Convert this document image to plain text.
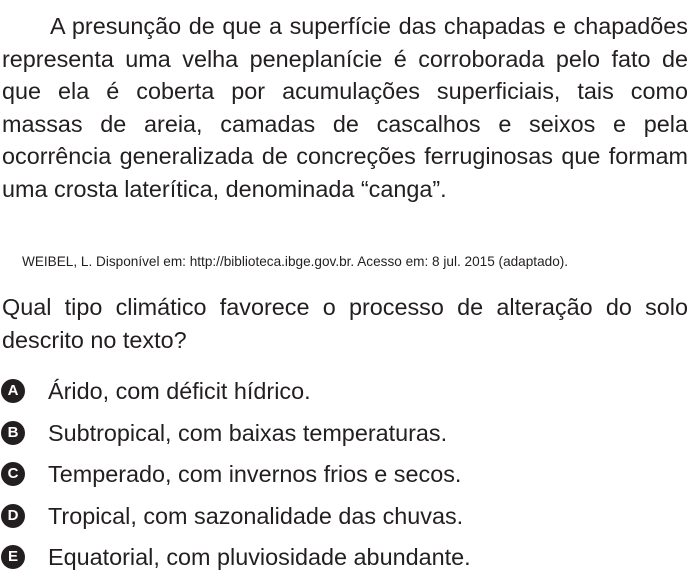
A presunção de que a superfície das chapadas e chapadões representa uma velha peneplanície é corroborada pelo fato de que ela é coberta por acumulações superficiais, tais como massas de areia, camadas de cascalhos e seixos e pela ocorrência generalizada de concreções ferruginosas que formam uma crosta laterítica, denominada “canga”.

WEIBEL, L. Disponível em: http://biblioteca.ibge.gov.br. Acesso em: 8 jul. 2015 (adaptado).

Qual tipo climático favorece o processo de alteração do solo descrito no texto?

A Árido, com déficit hídrico.
B Subtropical, com baixas temperaturas.
C Temperado, com invernos frios e secos.
D Tropical, com sazonalidade das chuvas.
E Equatorial, com pluviosidade abundante.
